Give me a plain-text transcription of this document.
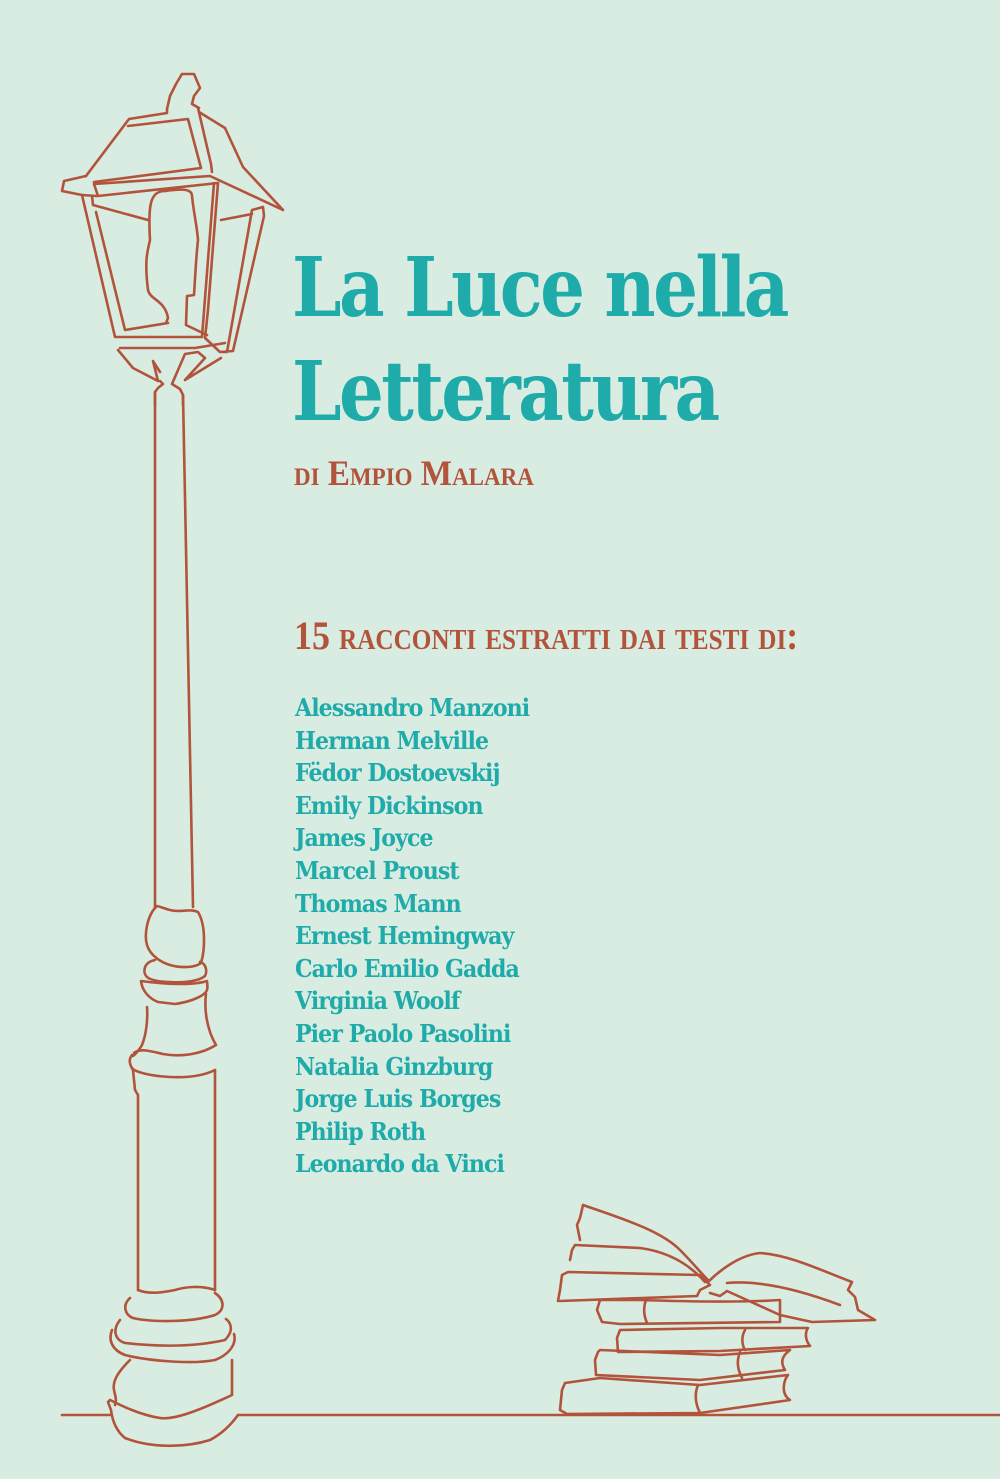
La Luce nella
Letteratura
di Empio Malara
15 racconti estratti dai testi di:
Alessandro Manzoni
Herman Melville
Fëdor Dostoevskij
Emily Dickinson
James Joyce
Marcel Proust
Thomas Mann
Ernest Hemingway
Carlo Emilio Gadda
Virginia Woolf
Pier Paolo Pasolini
Natalia Ginzburg
Jorge Luis Borges
Philip Roth
Leonardo da Vinci
